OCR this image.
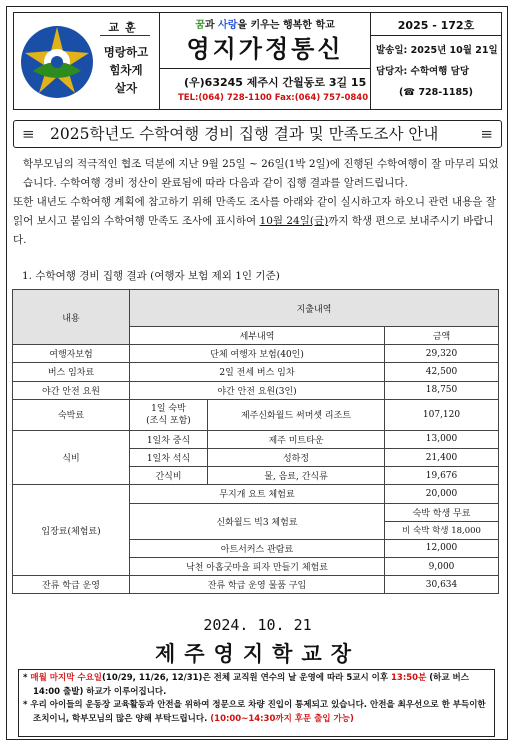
교훈
명랑하고
힘차게
살자
꿈과 사랑을 키우는 행복한 학교
영지가정통신
(우)63245 제주시 간월동로 3길 15
TEL:(064) 728-1100 Fax:(064) 757-0840
2025 - 172호
발송일: 2025년 10월 21일
담당자: 수학여행 담당
(☎ 728-1185)
≡ 2025학년도 수학여행 경비 집행 결과 및 만족도조사 안내	≡

학부모님의 적극적인 협조 덕분에 지난 9월 25일 ~ 26일(1박 2일)에 진행된 수학여행이 잘 마무리 되었습니다. 수학여행 경비 정산이 완료됨에 따라 다음과 같이 집행 결과를 알려드립니다.

또한 내년도 수학여행 계획에 참고하기 위해 만족도 조사를 아래와 같이 실시하고자 하오니 관련 내용을 잘 읽어 보시고 붙임의 수학여행 만족도 조사에 표시하여 10월 24일(금)까지 학생 편으로 보내주시기 바랍니다.

1. 수학여행 경비 집행 결과 (여행자 보험 제외 1인 기준)
내용	지출내역		
	세부내역		금액
여행자보험	단체 여행자 보험(40인)		29,320
버스 임차료	2일 전세 버스 임차		42,500
야간 안전 요원	야간 안전 요원(3인)		18,750
숙박료	1일 숙박
(조식 포함)	제주신화월드 써머셋 리조트	107,120
식비	1일차 중식	제주 미트타운	13,000
	1일차 석식	성하정	21,400
	간식비	물, 음료, 간식류	19,676
입장료(체험료)	무지개 요트 체험료		20,000
	신화월드 빅3 체험료		숙박 학생 무료
			비 숙박 학생 18,000
	아트서커스 관람료		12,000
	낙천 아홉굿마을 피자 만들기 체험료		9,000
잔류 학급 운영	잔류 학급 운영 물품 구입		30,634
2024. 10. 21
제주영지학교장

* 매월 마지막 수요일(10/29, 11/26, 12/31)은 전체 교직원 연수의 날 운영에 따라 5교시 이후 13:50분 (하교 버스 14:00 출발) 하교가 이루어집니다.

* 우리 아이들의 운동장 교육활동과 안전을 위하여 정문으로 차량 진입이 통제되고 있습니다. 안전을 최우선으로 한 부득이한 조치이니, 학부모님의 많은 양해 부탁드립니다. (10:00~14:30까지 후문 출입 가능)
